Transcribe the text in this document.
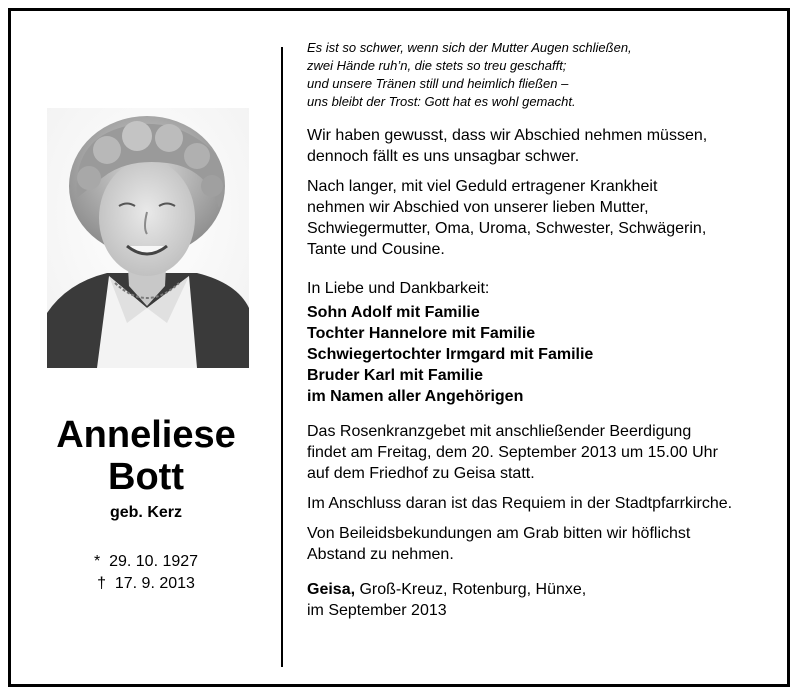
Anneliese
Bott
geb. Kerz
* 29. 10. 1927
† 17. 9. 2013
Es ist so schwer, wenn sich der Mutter Augen schließen,
zwei Hände ruh’n, die stets so treu geschafft;
und unsere Tränen still und heimlich fließen –
uns bleibt der Trost: Gott hat es wohl gemacht.
Wir haben gewusst, dass wir Abschied nehmen müssen,
dennoch fällt es uns unsagbar schwer.
Nach langer, mit viel Geduld ertragener Krankheit
nehmen wir Abschied von unserer lieben Mutter,
Schwiegermutter, Oma, Uroma, Schwester, Schwägerin,
Tante und Cousine.
In Liebe und Dankbarkeit:
Sohn Adolf mit Familie
Tochter Hannelore mit Familie
Schwiegertochter Irmgard mit Familie
Bruder Karl mit Familie
im Namen aller Angehörigen
Das Rosenkranzgebet mit anschließender Beerdigung
findet am Freitag, dem 20. September 2013 um 15.00 Uhr
auf dem Friedhof zu Geisa statt.
Im Anschluss daran ist das Requiem in der Stadtpfarrkirche.
Von Beileidsbekundungen am Grab bitten wir höflichst
Abstand zu nehmen.
Geisa, Groß-Kreuz, Rotenburg, Hünxe,
im September 2013
